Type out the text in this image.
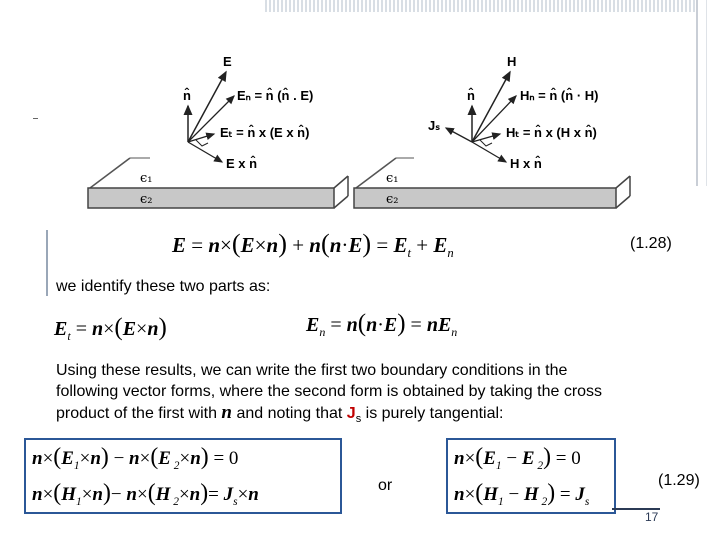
E
n̂	Eₙ = n̂ (n̂ . E)
Eₜ = n̂ x (E x n̂)
E x n̂
ϵ₁
ϵ₂
H
n̂
Jₛ
Hₙ = n̂ (n̂ · H)
Hₜ = n̂ x (H x n̂)
H x n̂
ϵ₁
ϵ₂
$E = n\times(E\times n) + n(n\cdot E) = E_t + E_n$
(1.28)
we identify these two parts as:
$E_t = n\times(E\times n)$	$E_n = n(n\cdot E) = nE_n$
Using these results, we can write the first two boundary conditions in the
following vector forms, where the second form is obtained by taking the cross
product of the first with n and noting that $J_s$ is purely tangential:
$n\times(E_1\times n) - n\times(E$ $_2$×n) = 0
$n\times(H_1\times n)- n\times(H$ $_2\times n)= J_s\times n$	or
$n\times(E_1 - E$ $_2$) = 0
$n\times(H_1 - H$ $_2) = J_s$
(1.29)
17
